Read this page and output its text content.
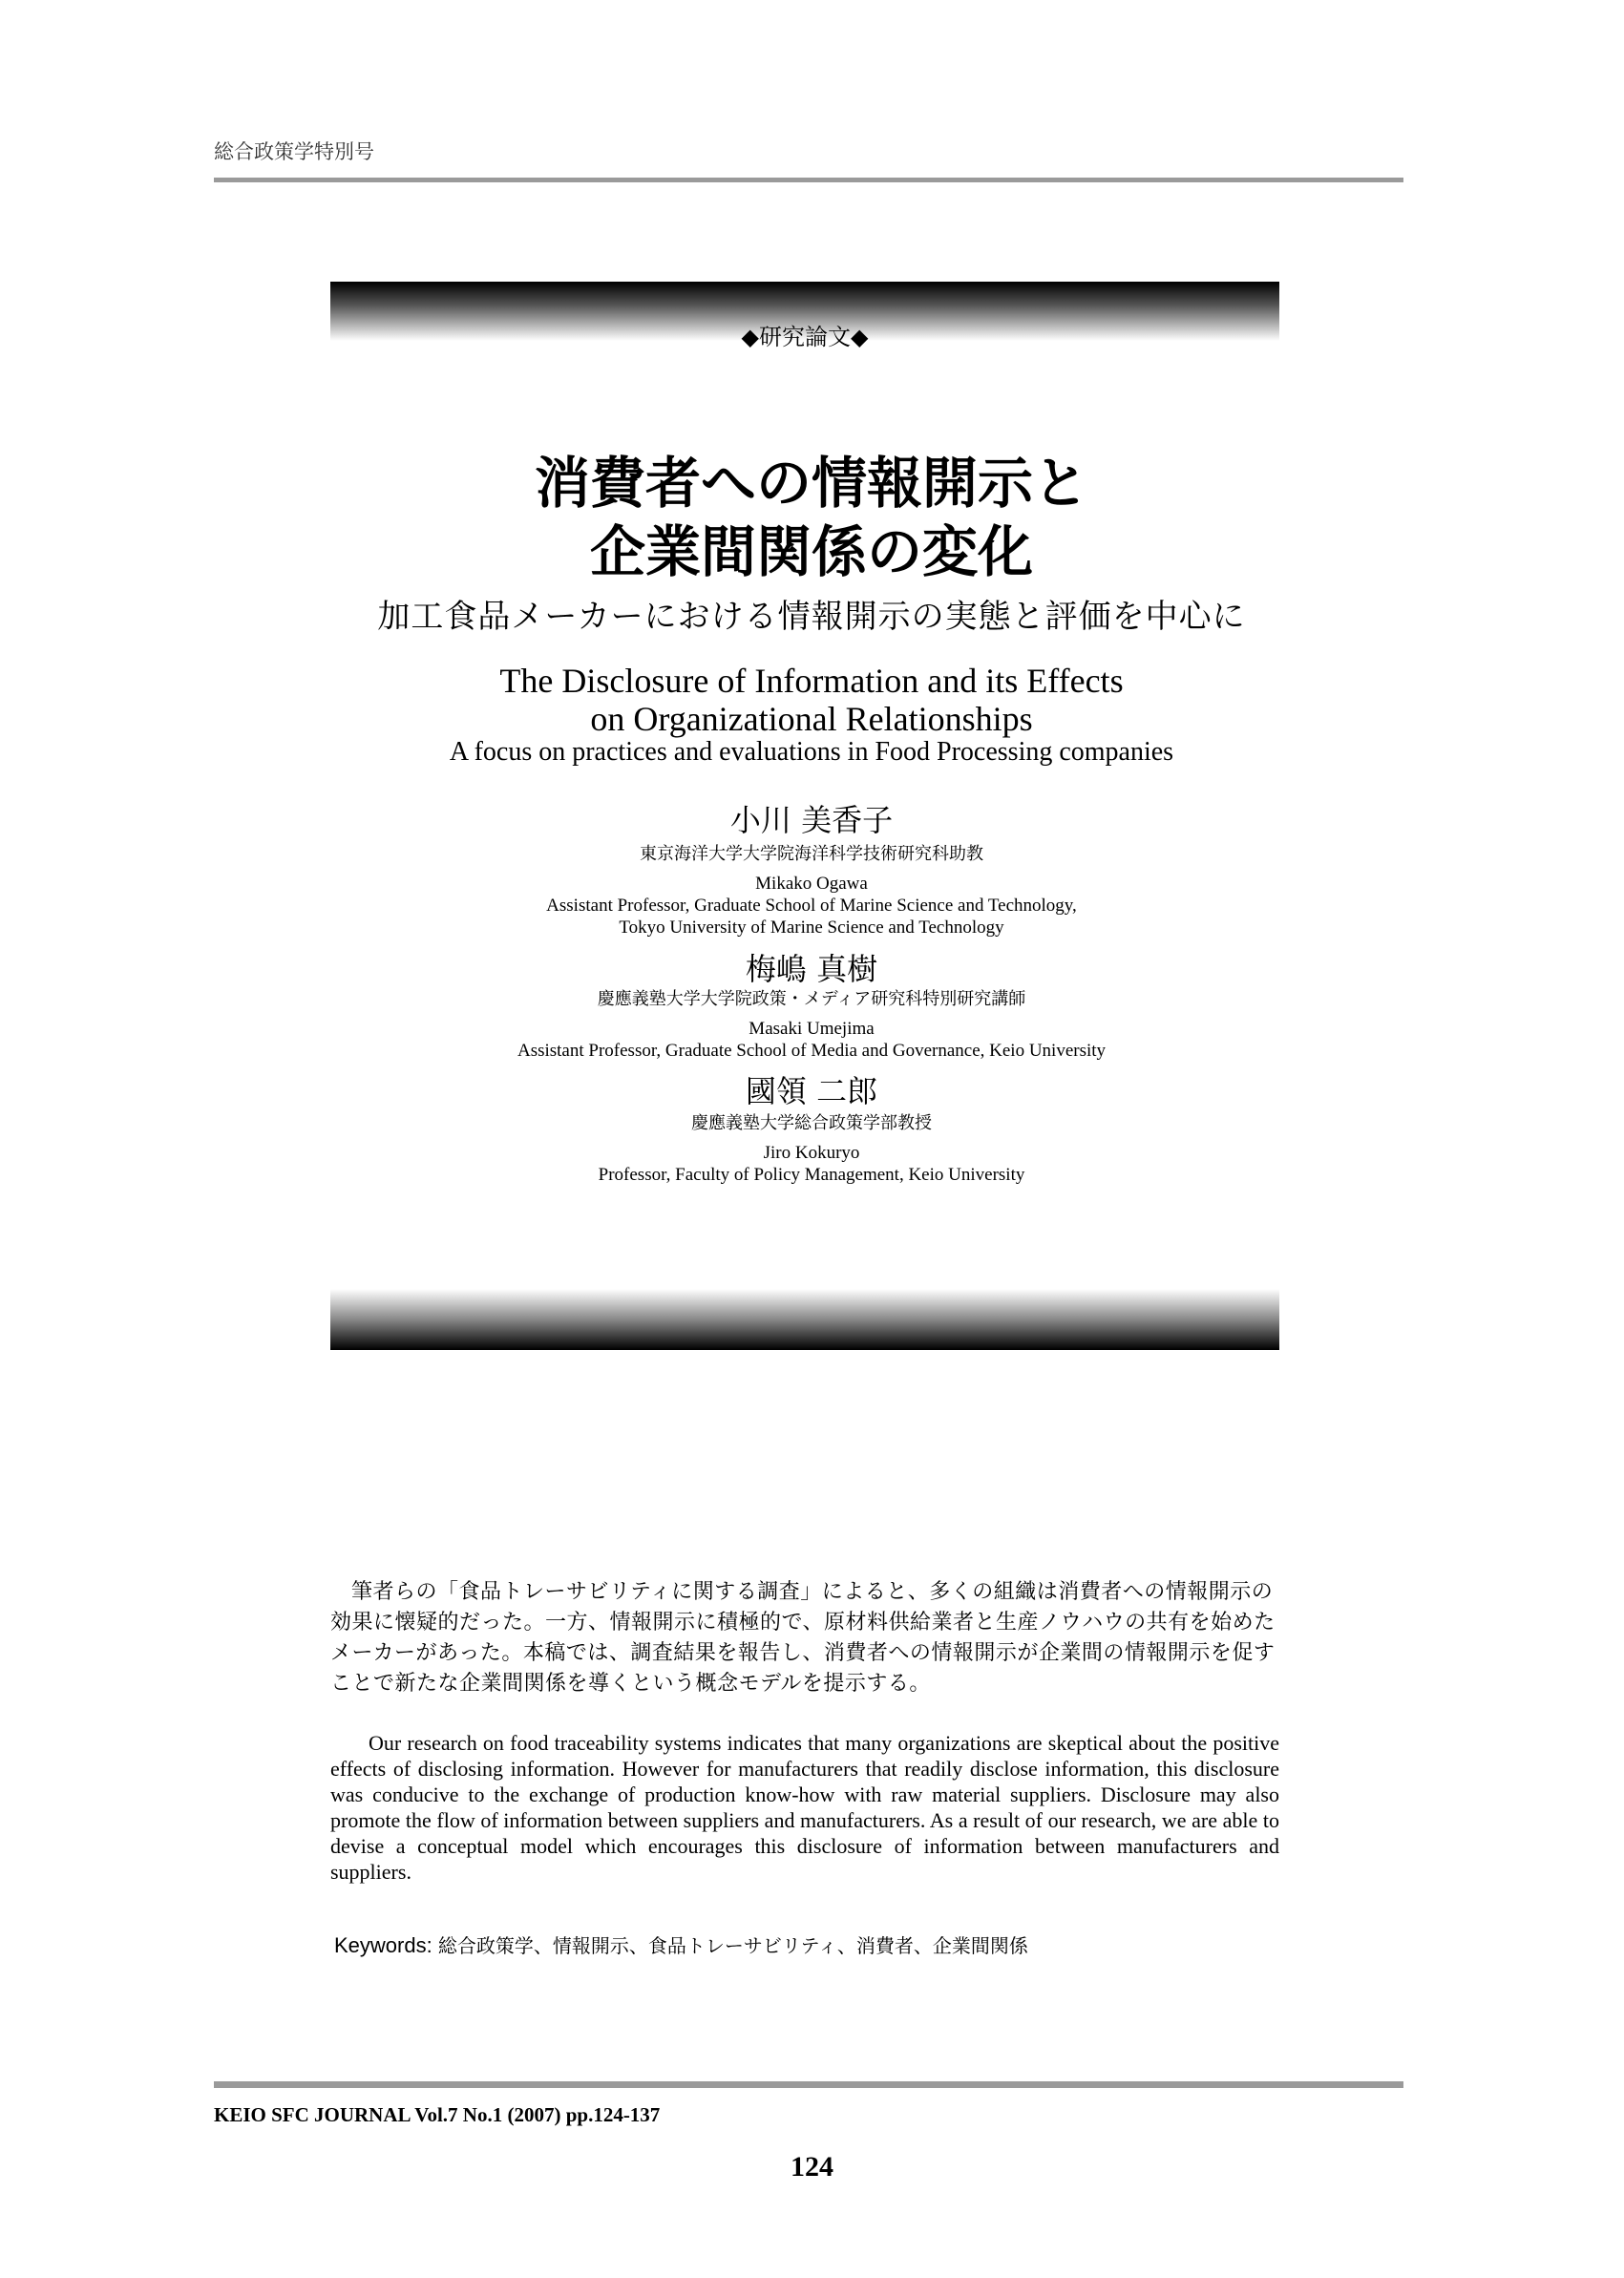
総合政策学特別号
◆研究論文◆
消費者への情報開示と
企業間関係の変化
加工食品メーカーにおける情報開示の実態と評価を中心に
The Disclosure of Information and its Effects
on Organizational Relationships
A focus on practices and evaluations in Food Processing companies
小川 美香子
東京海洋大学大学院海洋科学技術研究科助教
Mikako Ogawa
Assistant Professor, Graduate School of Marine Science and Technology,
Tokyo University of Marine Science and Technology
梅嶋 真樹
慶應義塾大学大学院政策・メディア研究科特別研究講師
Masaki Umejima
Assistant Professor, Graduate School of Media and Governance, Keio University
國領 二郎
慶應義塾大学総合政策学部教授
Jiro Kokuryo
Professor, Faculty of Policy Management, Keio University
筆者らの「食品トレーサビリティに関する調査」によると、多くの組織は消費者への情報開示の効果に懐疑的だった。一方、情報開示に積極的で、原材料供給業者と生産ノウハウの共有を始めたメーカーがあった。本稿では、調査結果を報告し、消費者への情報開示が企業間の情報開示を促すことで新たな企業間関係を導くという概念モデルを提示する。
Our research on food traceability systems indicates that many organizations are skeptical about the positive effects of disclosing information. However for manufacturers that readily disclose information, this disclosure was conducive to the exchange of production know-how with raw material suppliers. Disclosure may also promote the flow of information between suppliers and manufacturers. As a result of our research, we are able to devise a conceptual model which encourages this disclosure of information between manufacturers and suppliers.
Keywords: 総合政策学、情報開示、食品トレーサビリティ、消費者、企業間関係
KEIO SFC JOURNAL Vol.7 No.1 (2007) pp.124-137
124
